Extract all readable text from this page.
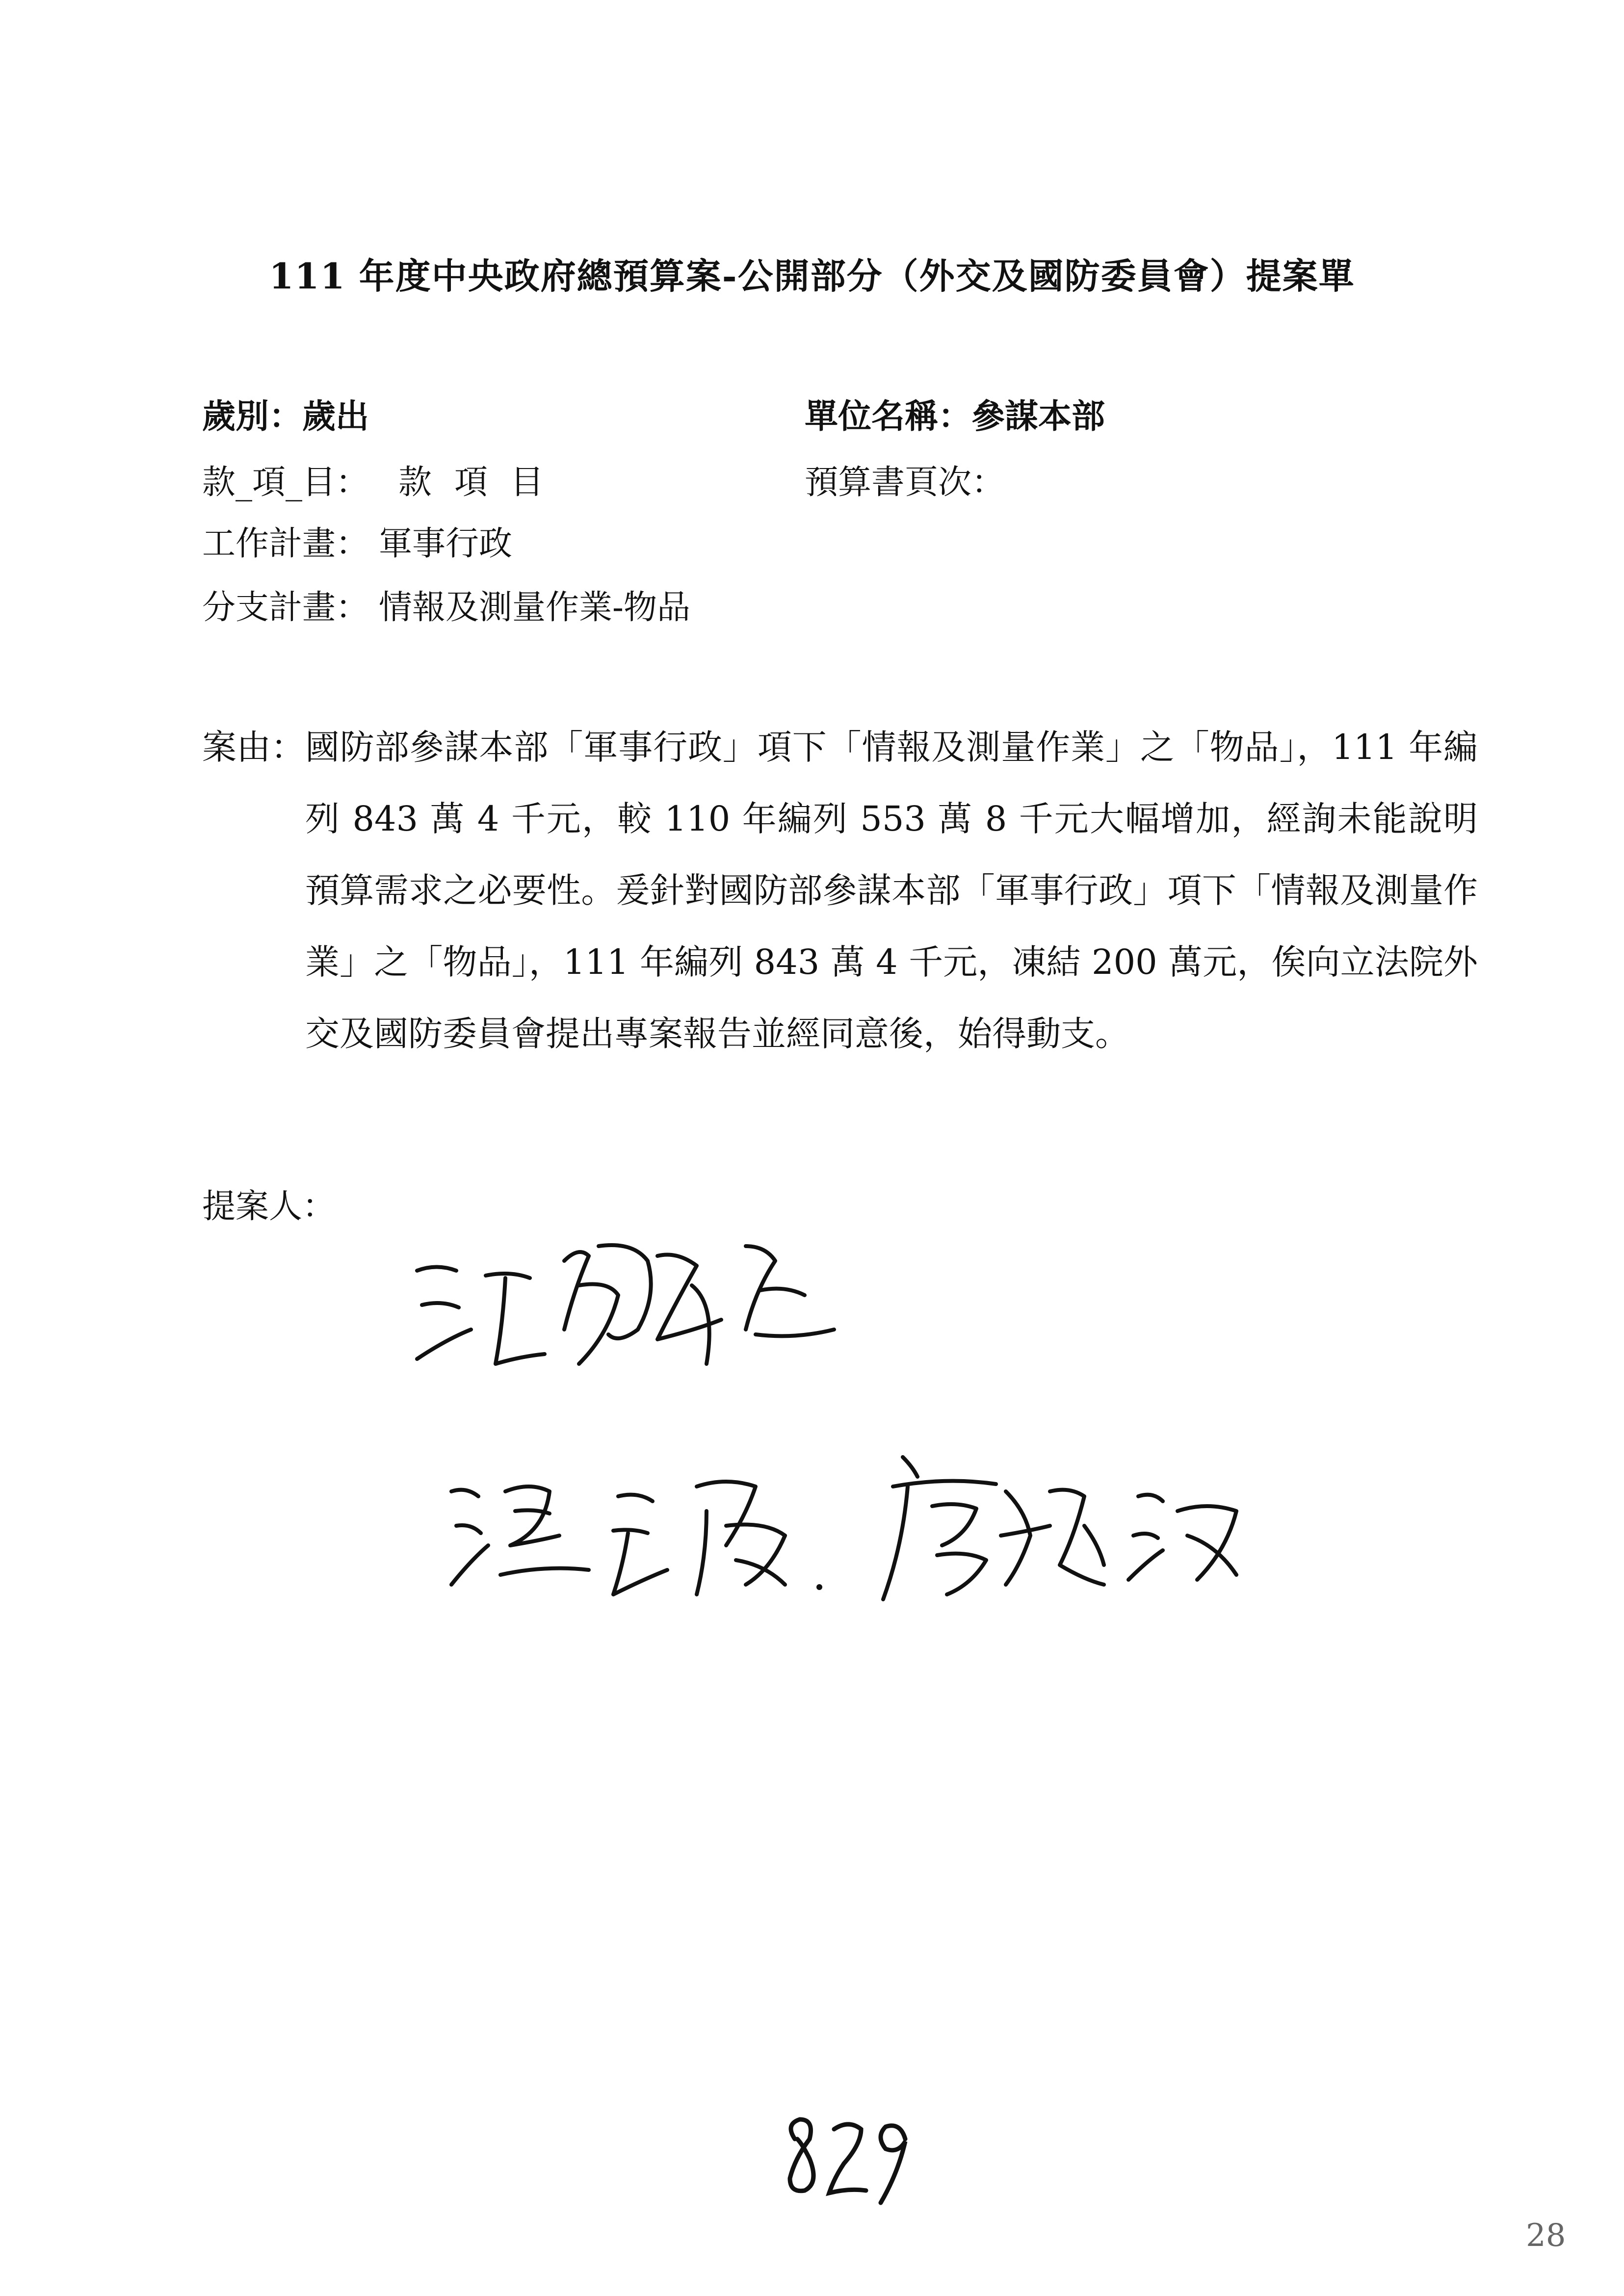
111 年度中央政府總預算案-公開部分（外交及國防委員會）提案單
歲別：歲出	單位名稱：參謀本部
款_項_目： 款項目	預算書頁次：
工作計畫： 軍事行政
分支計畫： 情報及測量作業-物品
案由： 國防部參謀本部「軍事行政」項下「情報及測量作業」之「物品」，111 年編列 843 萬 4 千元，較 110 年編列 553 萬 8 千元大幅增加，經詢未能說明預算需求之必要性。爰針對國防部參謀本部「軍事行政」項下「情報及測量作業」之「物品」，111 年編列 843 萬 4 千元，凍結 200 萬元，俟向立法院外交及國防委員會提出專案報告並經同意後，始得動支。
提案人：
28
